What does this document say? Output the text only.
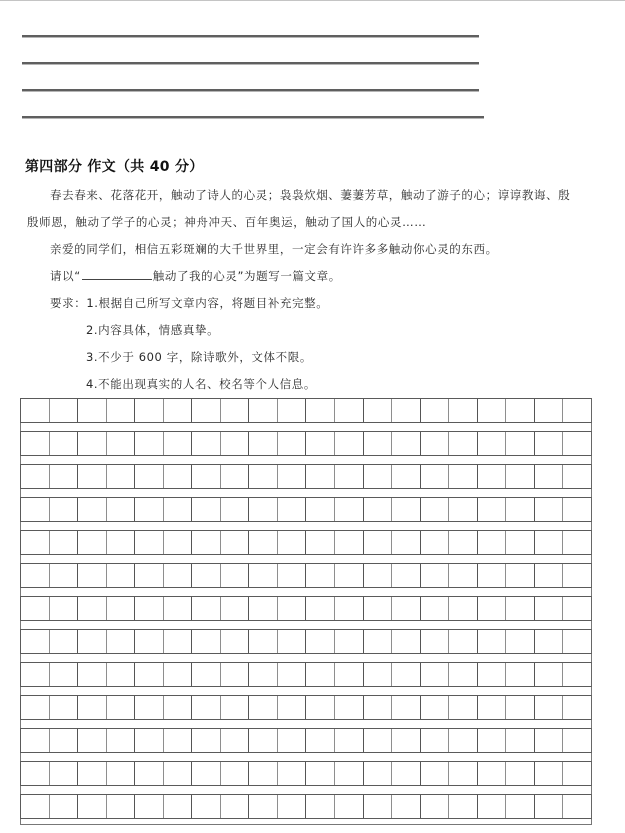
第四部分 作文（共 40 分）
春去春来、花落花开，触动了诗人的心灵；袅袅炊烟、萋萋芳草，触动了游子的心；谆谆教诲、殷
殷师恩，触动了学子的心灵；神舟冲天、百年奥运，触动了国人的心灵……
亲爱的同学们，相信五彩斑斓的大千世界里，一定会有许许多多触动你心灵的东西。
请以“	触动了我的心灵”为题写一篇文章。
要求：1.根据自己所写文章内容，将题目补充完整。
2.内容具体，情感真挚。
3.不少于 600 字，除诗歌外，文体不限。
4.不能出现真实的人名、校名等个人信息。
